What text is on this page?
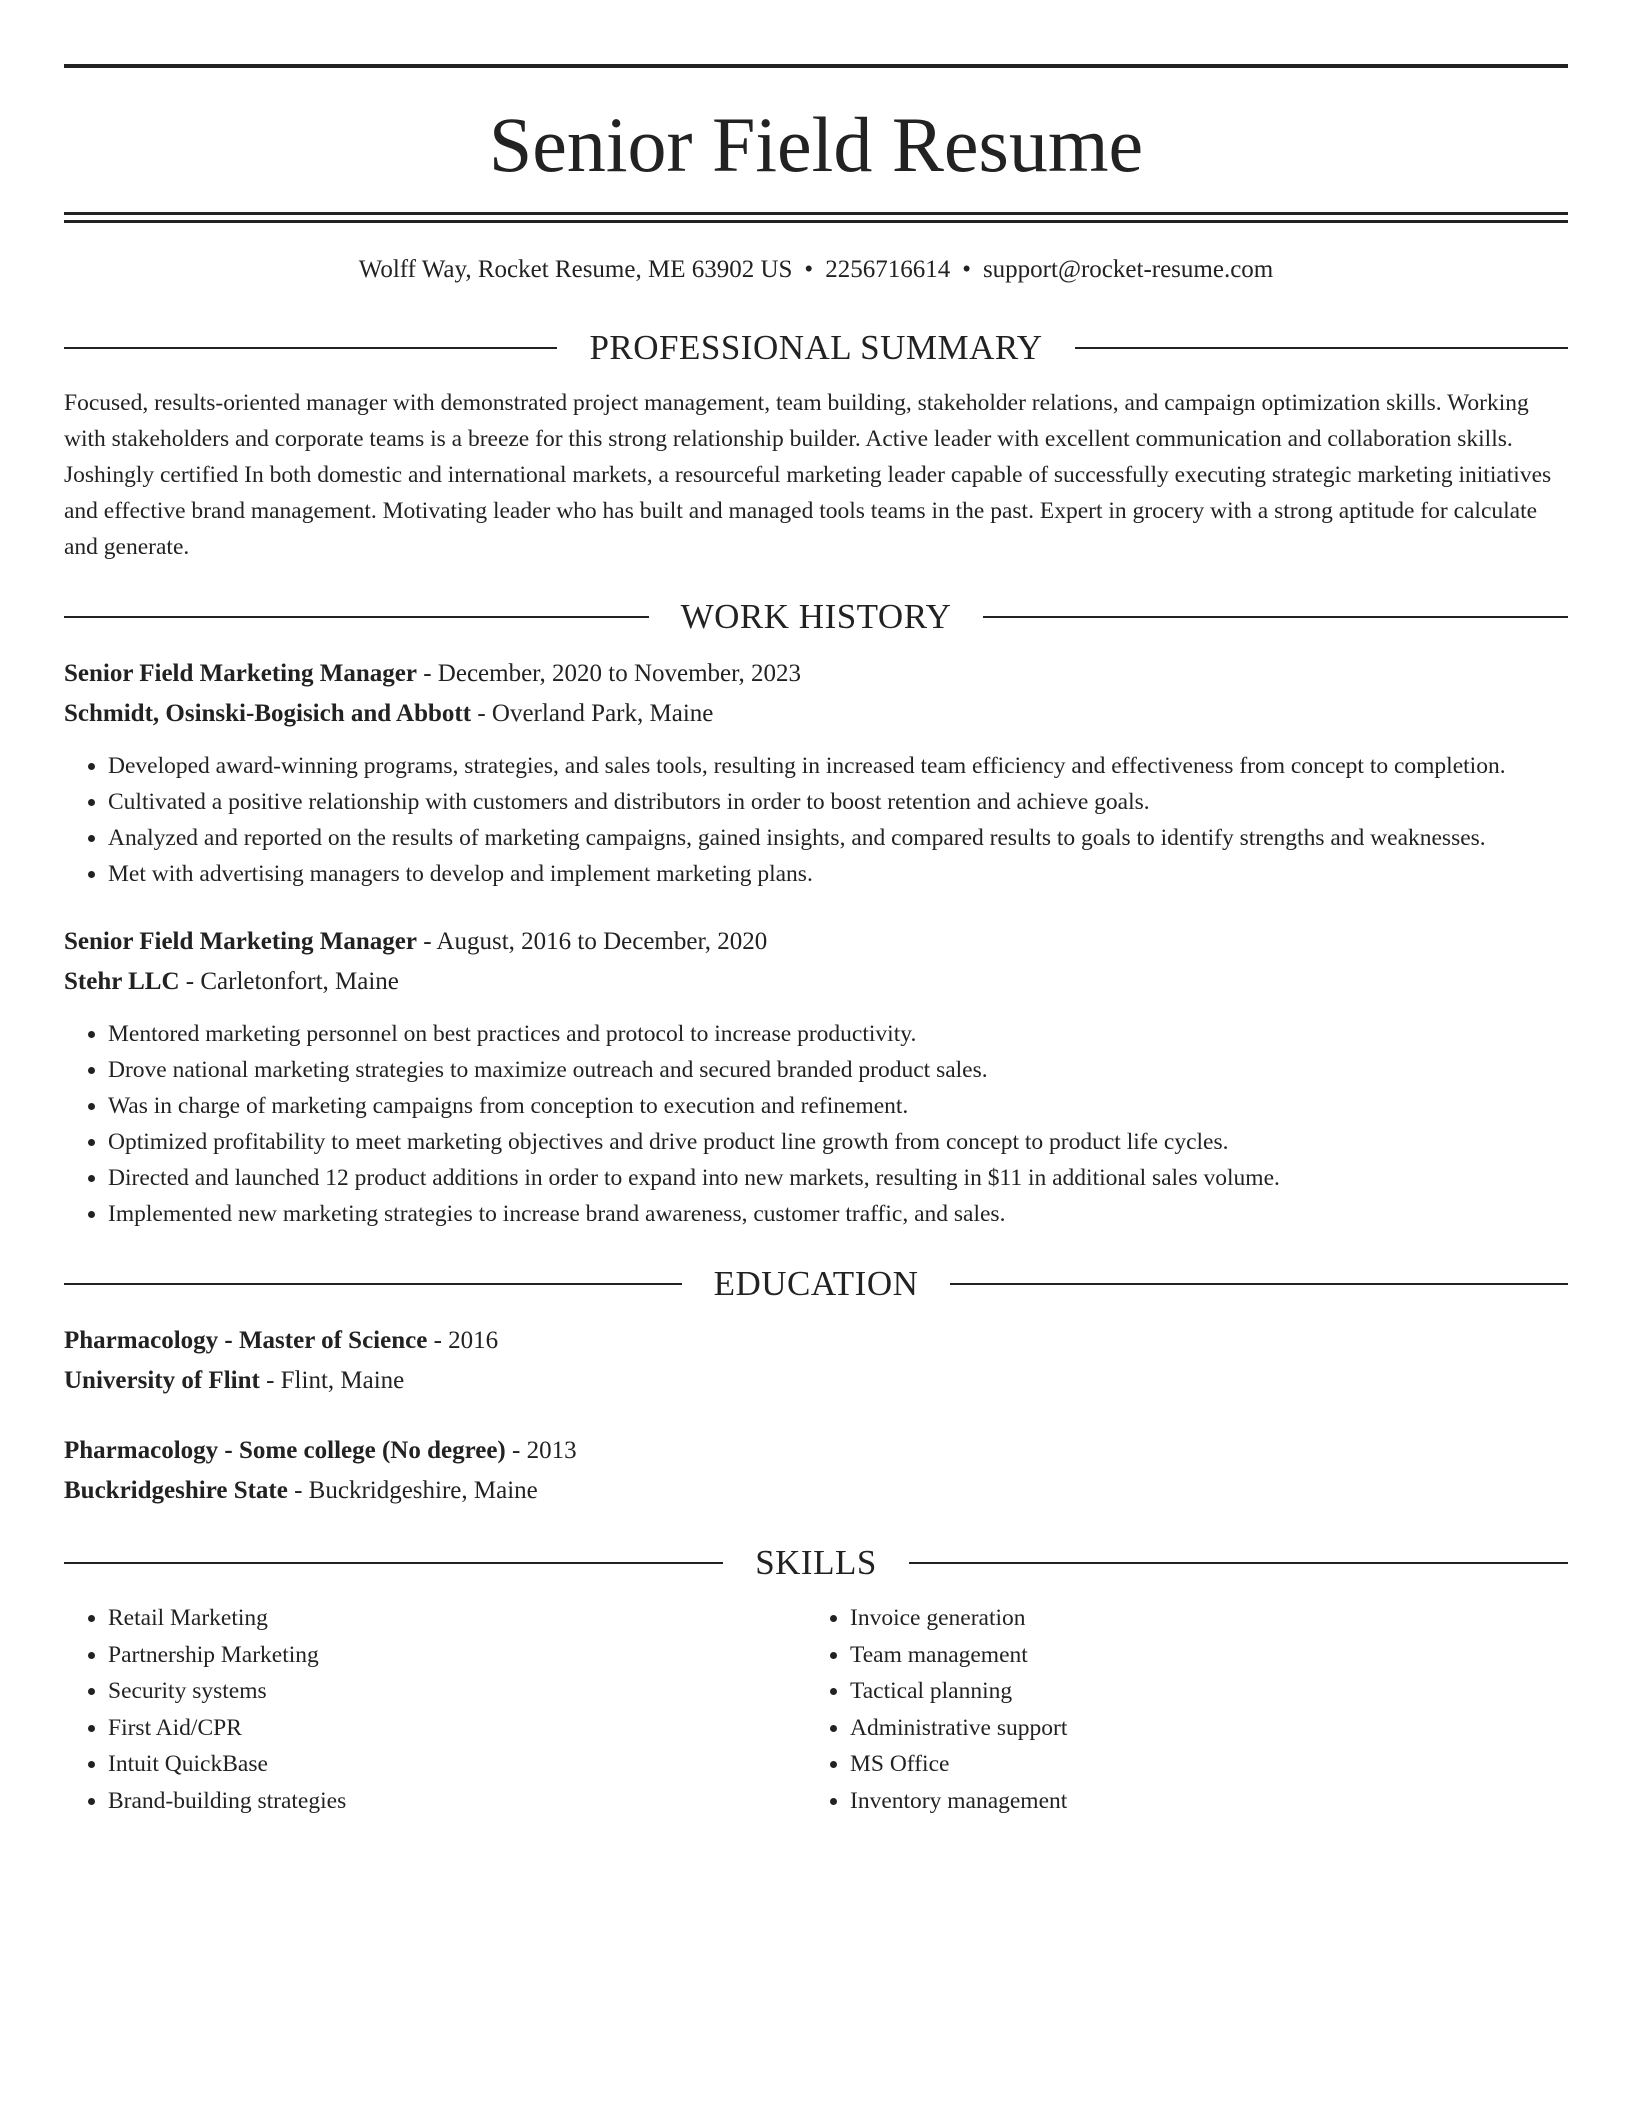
Senior Field Resume
Wolff Way, Rocket Resume, ME 63902 US • 2256716614 • support@rocket-resume.com
PROFESSIONAL SUMMARY

Focused, results-oriented manager with demonstrated project management, team building, stakeholder relations, and campaign optimization skills. Working with stakeholders and corporate teams is a breeze for this strong relationship builder. Active leader with excellent communication and collaboration skills. Joshingly certified In both domestic and international markets, a resourceful marketing leader capable of successfully executing strategic marketing initiatives and effective brand management. Motivating leader who has built and managed tools teams in the past. Expert in grocery with a strong aptitude for calculate and generate.

WORK HISTORY
Senior Field Marketing Manager - December, 2020 to November, 2023
Schmidt, Osinski-Bogisich and Abbott - Overland Park, Maine
• Developed award-winning programs, strategies, and sales tools, resulting in increased team efficiency and effectiveness from concept to completion.
• Cultivated a positive relationship with customers and distributors in order to boost retention and achieve goals.
• Analyzed and reported on the results of marketing campaigns, gained insights, and compared results to goals to identify strengths and weaknesses.
• Met with advertising managers to develop and implement marketing plans.
Senior Field Marketing Manager - August, 2016 to December, 2020
Stehr LLC - Carletonfort, Maine
• Mentored marketing personnel on best practices and protocol to increase productivity.
• Drove national marketing strategies to maximize outreach and secured branded product sales.
• Was in charge of marketing campaigns from conception to execution and refinement.
• Optimized profitability to meet marketing objectives and drive product line growth from concept to product life cycles.
• Directed and launched 12 product additions in order to expand into new markets, resulting in $11 in additional sales volume.
• Implemented new marketing strategies to increase brand awareness, customer traffic, and sales.
EDUCATION
Pharmacology - Master of Science - 2016
University of Flint - Flint, Maine
Pharmacology - Some college (No degree) - 2013
Buckridgeshire State - Buckridgeshire, Maine
SKILLS
• Retail Marketing
• Partnership Marketing
• Security systems
• First Aid/CPR
• Intuit QuickBase
• Brand-building strategies
• Invoice generation
• Team management
• Tactical planning
• Administrative support
• MS Office
• Inventory management
